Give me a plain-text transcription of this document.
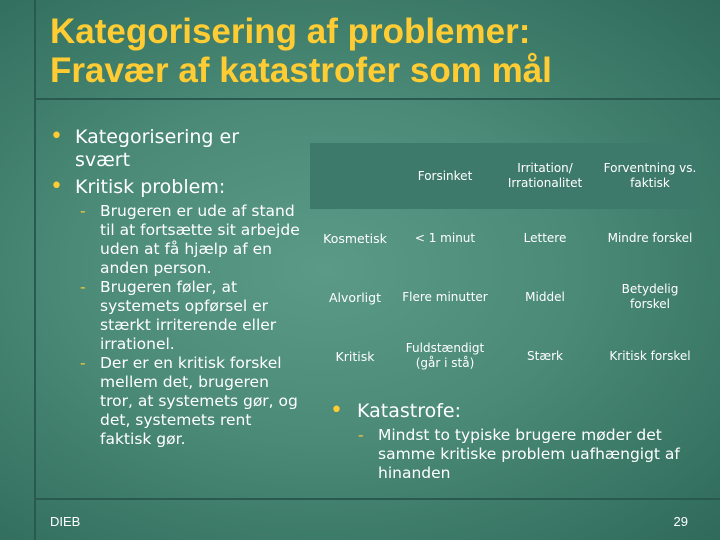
Kategorisering af problemer:
Fravær af katastrofer som mål
• Kategorisering er svært
• Kritisk problem:
- Brugeren er ude af stand til at fortsætte sit arbejde uden at få hjælp af en anden person.
- Brugeren føler, at systemets opførsel er stærkt irriterende eller irrationel.
- Der er en kritisk forskel mellem det, brugeren tror, at systemets gør, og det, systemets rent faktisk gør.
	Forsinket	Irritation/ Irrationalitet	Forventning vs. faktisk
Kosmetisk	< 1 minut	Lettere	Mindre forskel
Alvorligt	Flere minutter	Middel	Betydelig forskel
Kritisk	Fuldstændigt (går i stå)	Stærk	Kritisk forskel
• Katastrofe:
- Mindst to typiske brugere møder det samme kritiske problem uafhængigt af hinanden
DIEB	29
